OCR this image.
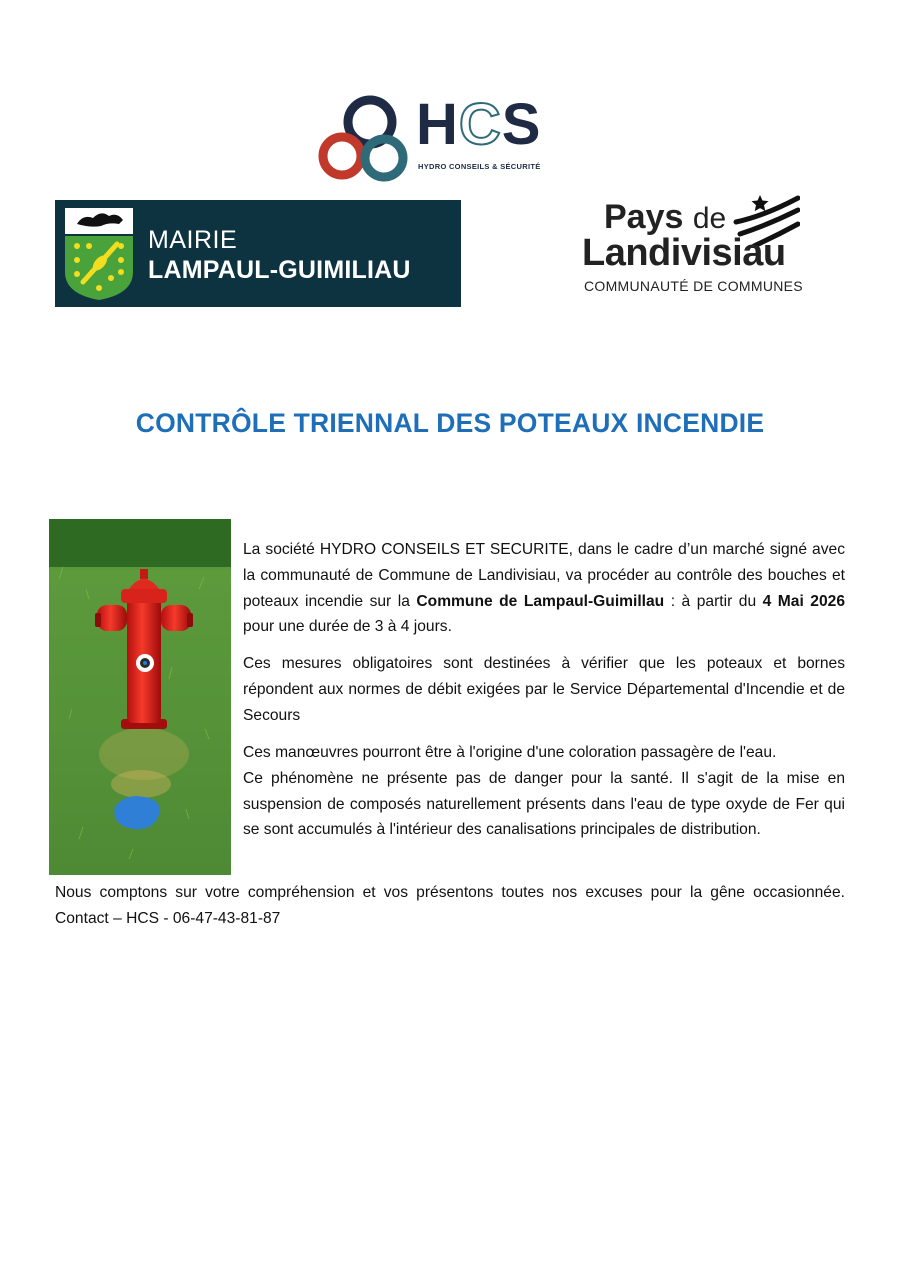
HCS
HYDRO CONSEILS & SÉCURITÉ
MAIRIE
LAMPAUL-GUIMILIAU
Pays de
Landivisiau
COMMUNAUTÉ DE COMMUNES
CONTRÔLE TRIENNAL DES POTEAUX INCENDIE
La société HYDRO CONSEILS ET SECURITE, dans le cadre d’un marché signé avec la communauté de Commune de Landivisiau, va procéder au contrôle des bouches et poteaux incendie sur la Commune de Lampaul-Guimillau : à partir du 4 Mai 2026 pour une durée de 3 à 4 jours.
Ces mesures obligatoires sont destinées à vérifier que les poteaux et bornes répondent aux normes de débit exigées par le Service Départemental d'Incendie et de Secours
Ces manœuvres pourront être à l'origine d'une coloration passagère de l'eau.
Ce phénomène ne présente pas de danger pour la santé. Il s'agit de la mise en suspension de composés naturellement présents dans l'eau de type oxyde de Fer qui se sont accumulés à l'intérieur des canalisations principales de distribution.
Nous comptons sur votre compréhension et vos présentons toutes nos excuses pour la gêne occasionnée. Contact – HCS - 06-47-43-81-87
